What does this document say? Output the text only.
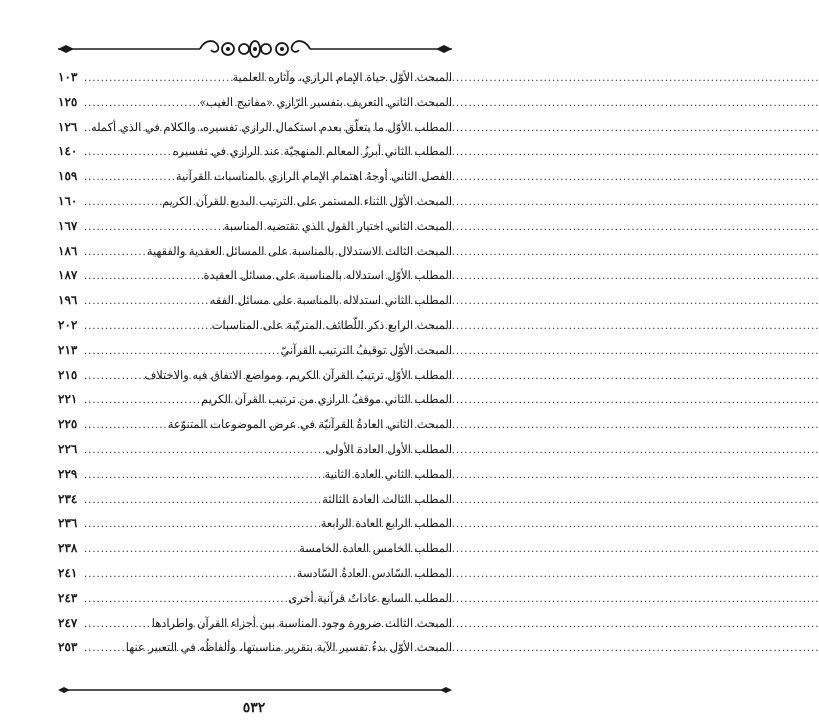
المبحث الأوّل حياة الإمام الرازي، وآثاره العلمية
.....
١٠٣
المبحث الثاني التعريف بتفسير الرّازي «مفاتيح الغيب»
.....
١٢٥
المطلب الأوّل ما يتعلّق بعدم استكمال الرازي تفسيره، والكلام في الذي أكمله
.....
١٢٦
المطلب الثاني أبرزُ المعالم المنهجيّة عند الرازي في تفسيره
.....
١٤٠
الفصل الثاني أوجهُ اهتمام الإمام الرازي بالمناسبات القرآنية
.....
١٥٩
المبحث الأوّل الثناء المستمر على الترتيب البديع للقرآن الكريم
.....
١٦٠
المبحث الثاني اختيار القول الذي تقتضيه المناسبة
.....
١٦٧
المبحث الثالث الاستدلال بالمناسبة على المسائل العقدية والفقهية
.....
١٨٦
المطلب الأوّل استدلاله بالمناسبة على مسائل العقيدة
.....
١٨٧
المطلب الثاني استدلاله بالمناسبة على مسائل الفقه
.....
١٩٦
المبحث الرابع ذكر اللّطائف المترتّبة على المناسبات
.....
٢٠٢
المبحث الأوّل توقيفُ الترتيب القرآنيّ
.....
٢١٣
المطلب الأوّل ترتيبُ القرآن الكريم، ومواضع الاتفاق فيه والاختلاف
.....
٢١٥
المطلب الثاني موقفُ الرازي من ترتيب القرآن الكريم
.....
٢٢١
المبحث الثاني العادةُ القرآنيّة في عرض الموضوعات المتنوّعة
.....
٢٢٥
المطلب الأول العادة الأولى
.....
٢٢٦
المطلب الثاني العادة الثانية
.....
٢٢٩
المطلب الثالث العادة الثالثة
.....
٢٣٤
المطلب الرابع العادة الرابعة
.....
٢٣٦
المطلب الخامس العادة الخامسة
.....
٢٣٨
المطلب السّادس العادةُ السّادسة
.....
٢٤١
المطلب السابع عاداتٌ قرآنية أخرى
.....
٢٤٣
المبحث الثالث ضرورة وجود المناسبة بين أجزاء القرآن واطرادها
.....
٢٤٧
المبحث الأوّل بدءُ تفسير الآية بتقرير مناسبتها، وألفاظُه في التعبير عنها
.....
٢٥٣
٥٣٢
